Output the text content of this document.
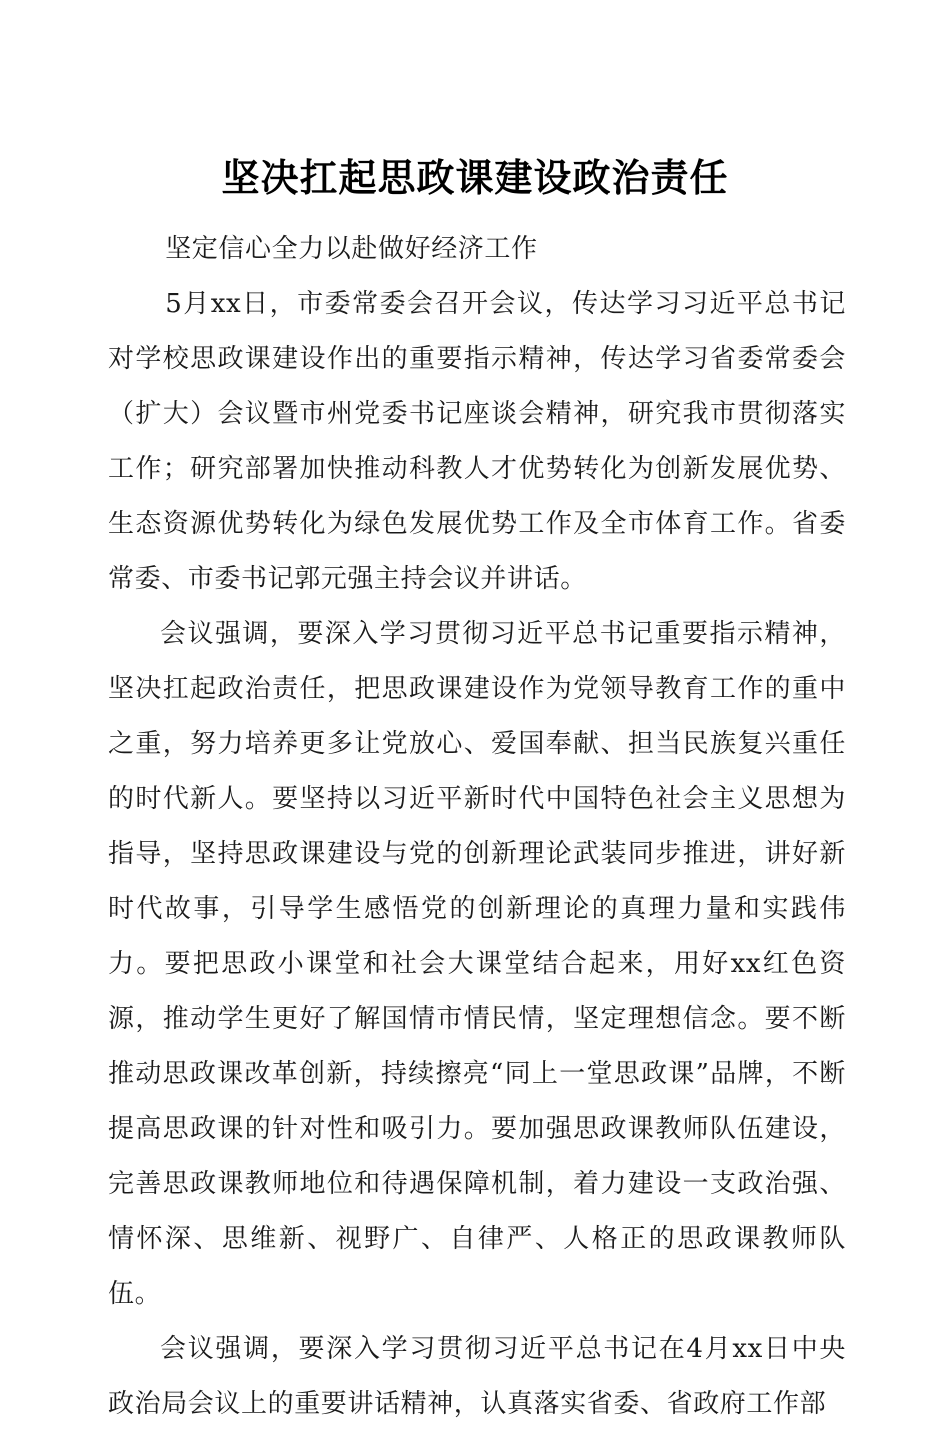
坚决扛起思政课建设政治责任

坚定信心全力以赴做好经济工作

5月xx日，市委常委会召开会议，传达学习习近平总书记对学校思政课建设作出的重要指示精神，传达学习省委常委会（扩大）会议暨市州党委书记座谈会精神，研究我市贯彻落实工作；研究部署加快推动科教人才优势转化为创新发展优势、生态资源优势转化为绿色发展优势工作及全市体育工作。省委常委、市委书记郭元强主持会议并讲话。

会议强调，要深入学习贯彻习近平总书记重要指示精神，坚决扛起政治责任，把思政课建设作为党领导教育工作的重中之重，努力培养更多让党放心、爱国奉献、担当民族复兴重任的时代新人。要坚持以习近平新时代中国特色社会主义思想为指导，坚持思政课建设与党的创新理论武装同步推进，讲好新时代故事，引导学生感悟党的创新理论的真理力量和实践伟力。要把思政小课堂和社会大课堂结合起来，用好xx红色资源，推动学生更好了解国情市情民情，坚定理想信念。要不断推动思政课改革创新，持续擦亮“同上一堂思政课”品牌，不断提高思政课的针对性和吸引力。要加强思政课教师队伍建设，完善思政课教师地位和待遇保障机制，着力建设一支政治强、情怀深、思维新、视野广、自律严、人格正的思政课教师队伍。

会议强调，要深入学习贯彻习近平总书记在4月xx日中央政治局会议上的重要讲话精神，认真落实省委、省政府工作部
